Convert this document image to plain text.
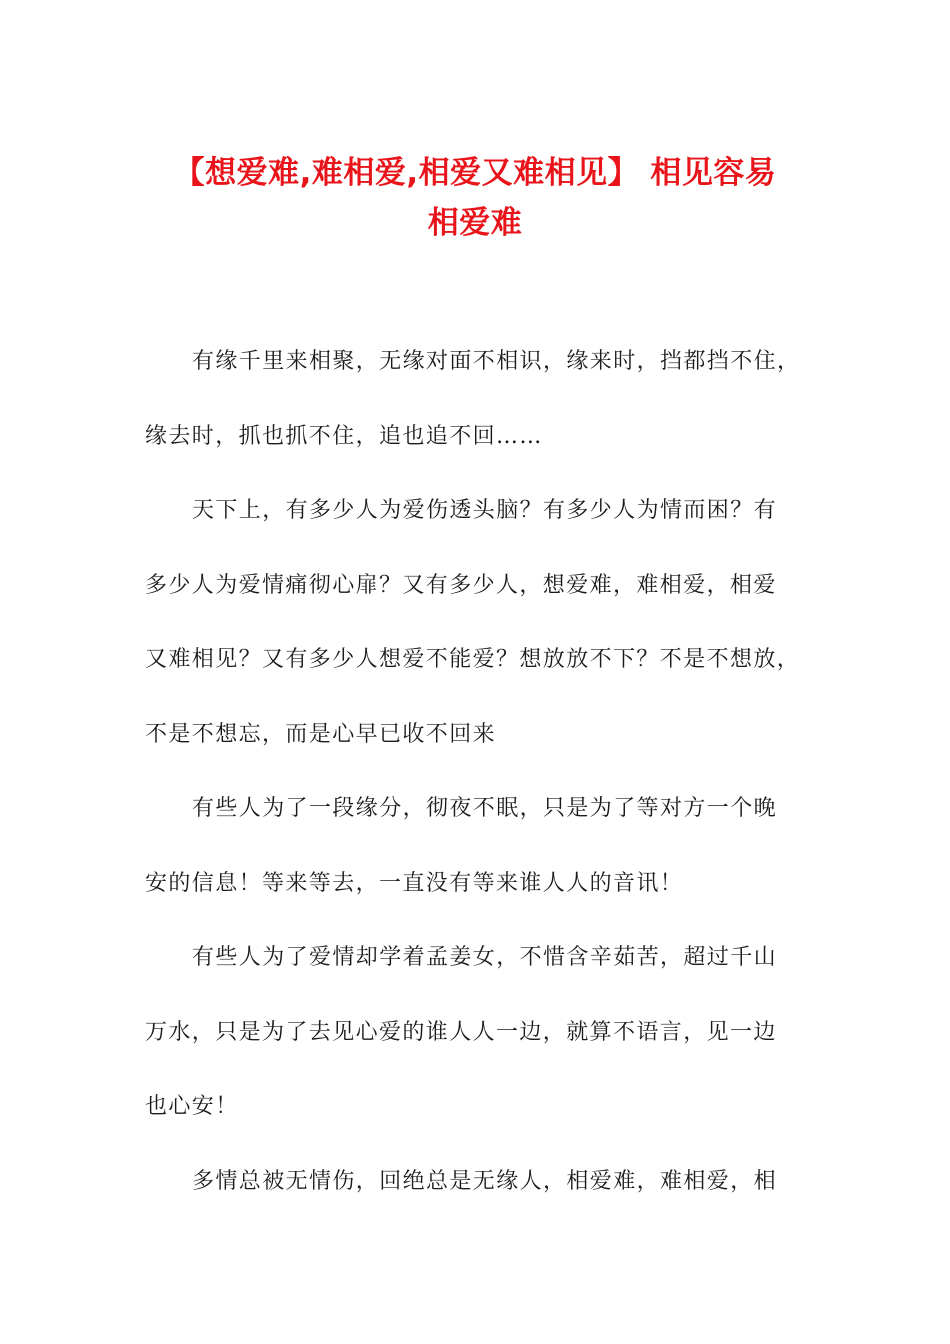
【想爱难,难相爱,相爱又难相见】 相见容易
相爱难
有缘千里来相聚，无缘对面不相识，缘来时，挡都挡不住，
缘去时，抓也抓不住，追也追不回……
天下上，有多少人为爱伤透头脑？有多少人为情而困？有
多少人为爱情痛彻心扉？又有多少人，想爱难，难相爱，相爱
又难相见？又有多少人想爱不能爱？想放放不下？不是不想放，
不是不想忘，而是心早已收不回来
有些人为了一段缘分，彻夜不眠，只是为了等对方一个晚
安的信息！等来等去，一直没有等来谁人人的音讯！
有些人为了爱情却学着孟姜女，不惜含辛茹苦，超过千山
万水，只是为了去见心爱的谁人人一边，就算不语言，见一边
也心安！
多情总被无情伤，回绝总是无缘人，相爱难，难相爱，相
